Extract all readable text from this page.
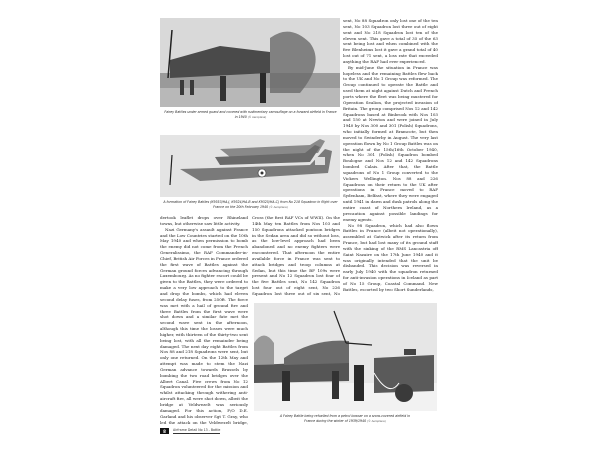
Fairey Battles under armed guard and covered with rudimentary camouflage on a forward airfield in France in 1940 (© Aeroplane)
A formation of Fairey Battles (K9353/HA-J, K9324/HA-B and K9325/HA-C) from No 218 Squadron in flight over France on the 20th February 1940 (© Aeroplane)

dertook leaflet drops over Rhineland towns, but otherwise saw little activity.

Nazi Germany's assault against France and the Low Countries started on the 10th May 1940 and when permission to bomb the enemy did not come from the French Generalissimo, the RAF Commander-in-Chief, British Air Forces in France ordered the first wave of Battles against the German ground forces advancing through Luxembourg. As no fighter escort could be given to the Battles, they were ordered to make a very low approach to the target and drop the bombs, which had eleven second delay fuses, from 250ft. The force was met with a hail of ground fire and three Battles from the first wave were shot down and a similar fate met the second wave sent in the afternoon, although this time the losses were much higher, with thirteen of the thirty-two sent being lost, with all the remainder being damaged. The next day eight Battles from Nos 88 and 218 Squadrons were sent, but only one returned. On the 12th May and attempt was made to stem the Nazi German advance towards Brussels by bombing the two road bridges over the Albert Canal. Five crews from No 12 Squadron volunteered for the mission and whilst attacking through withering anti-aircraft fire, all were shot down, albeit the bridge at Veldwezelt was seriously damaged. For this action, F/O D.E. Garland and his observer Sgt T. Gray, who led the attack on the Veldwezelt bridge,

Cross (the first RAF VCs of WWII). On the 14th May ten Battles from Nos 103 and 150 Squadrons attacked pontoon bridges in the Sedan area and did so without loss, as the low-level approach had been abandoned and no enemy fighters were encountered. That afternoon the entire available force in France was sent to attack bridges and troop columns at Sedan, but this time the BF 109s were present and No 12 Squadron lost four of the five Battles sent, No 142 Squadron lost four out of eight sent, No 226 Squadron lost three out of six sent, No

sent, No 88 Squadron only lost one of the ten sent, No 103 Squadron lost three out of eight sent and No 218 Squadron lost ten of the eleven sent. This gave a total of 35 of the 63 sent being lost and when combined with the five Blenheims lost it gave a grand total of 40 lost out of 71 sent, a loss rate that exceeded anything the RAF had ever experienced.

By mid-June the situation in France was hopeless and the remaining Battles flew back to the UK and No 1 Group was reformed. The Group continued to operate the Battle and used them at night against Dutch and French ports where the fleet was being mustered for Operation Sealion, the projected invasion of Britain. The group comprised Nos 12 and 142 Squadrons based at Binbrook with Nos 103 and 150 at Newton and were joined in July 1940 by Nos 300 and 301 (Polish) Squadrons, who initially formed at Bramcote, but then moved to Swinderby in August. The very last operation flown by No 1 Group Battles was on the night of the 15th/16th October 1940, when No 301 (Polish) Squadron bombed Boulogne and Nos 12 and 142 Squadrons bombed Calais. After that, the Battle squadrons of No 1 Group converted to the Vickers Wellington. Nos 88 and 226 Squadrons on their return to the UK after operations in France moved to RAF Sydenham, Belfast, where they were engaged until 1941 in dawn and dusk patrols along the entire coast of Northern Ireland, as a precaution against possible landings for enemy agents.

No 98 Squadron, which had also flown Battles in France (albeit not operationally), assembled at Gatwick after its return from France, but had lost many of its ground staff with the sinking of the RMS Lancastria off Saint Nazaire on the 17th June 1940 and it was originally intended that the unit be disbanded. This decision was reversed in early July 1940 with the squadron returned for anti-invasion operations in Iceland as part of No 15 Group, Coastal Command. New Battles, escorted by two Short Sunderlands,

A Fairey Battle being refuelled from a petrol bowser on a snow-covered airfield in France during the winter of 1939/1940 (© Aeroplane)
8	Airframe Detail No 13 - Battle
